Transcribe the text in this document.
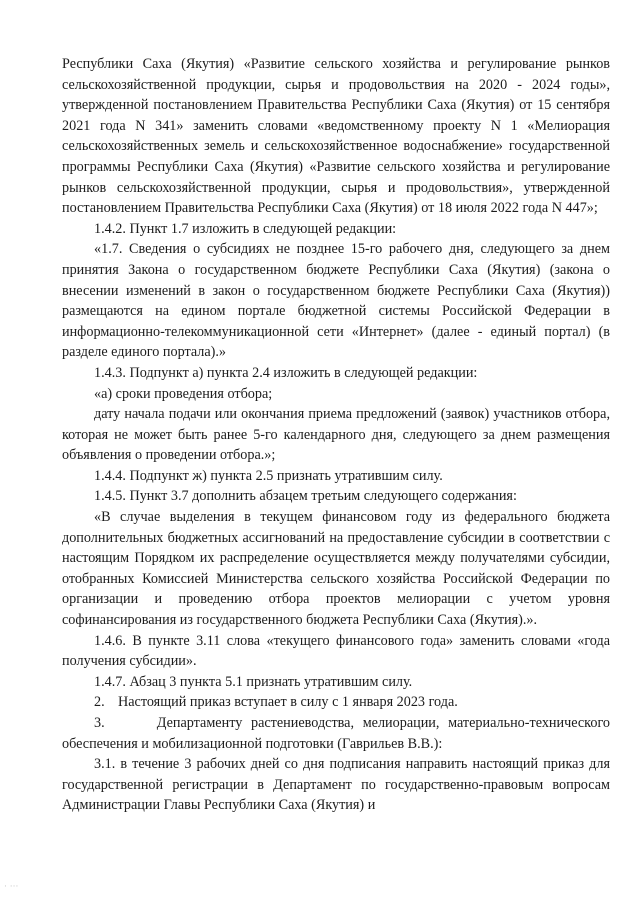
Республики Саха (Якутия) «Развитие сельского хозяйства и регулирование рынков сельскохозяйственной продукции, сырья и продовольствия на 2020 - 2024 годы», утвержденной постановлением Правительства Республики Саха (Якутия) от 15 сентября 2021 года N 341» заменить словами «ведомственному проекту N 1 «Мелиорация сельскохозяйственных земель и сельскохозяйственное водоснабжение» государственной программы Республики Саха (Якутия) «Развитие сельского хозяйства и регулирование рынков сельскохозяйственной продукции, сырья и продовольствия», утвержденной постановлением Правительства Республики Саха (Якутия) от 18 июля 2022 года N 447»;

1.4.2. Пункт 1.7 изложить в следующей редакции:

«1.7. Сведения о субсидиях не позднее 15-го рабочего дня, следующего за днем принятия Закона о государственном бюджете Республики Саха (Якутия) (закона о внесении изменений в закон о государственном бюджете Республики Саха (Якутия)) размещаются на едином портале бюджетной системы Российской Федерации в информационно-телекоммуникационной сети «Интернет» (далее - единый портал) (в разделе единого портала).»

1.4.3. Подпункт а) пункта 2.4 изложить в следующей редакции:

«а) сроки проведения отбора;

дату начала подачи или окончания приема предложений (заявок) участников отбора, которая не может быть ранее 5-го календарного дня, следующего за днем размещения объявления о проведении отбора.»;

1.4.4. Подпункт ж) пункта 2.5 признать утратившим силу.

1.4.5. Пункт 3.7 дополнить абзацем третьим следующего содержания:

«В случае выделения в текущем финансовом году из федерального бюджета дополнительных бюджетных ассигнований на предоставление субсидии в соответствии с настоящим Порядком их распределение осуществляется между получателями субсидии, отобранных Комиссией Министерства сельского хозяйства Российской Федерации по организации и проведению отбора проектов мелиорации с учетом уровня софинансирования из государственного бюджета Республики Саха (Якутия).».

1.4.6. В пункте 3.11 слова «текущего финансового года» заменить словами «года получения субсидии».

1.4.7. Абзац 3 пункта 5.1 признать утратившим силу.

2. Настоящий приказ вступает в силу с 1 января 2023 года.

3.	Департаменту растениеводства, мелиорации, материально-технического обеспечения и мобилизационной подготовки (Гаврильев В.В.):

3.1. в течение 3 рабочих дней со дня подписания направить настоящий приказ для государственной регистрации в Департамент по государственно-правовым вопросам Администрации Главы Республики Саха (Якутия) и

· ···
